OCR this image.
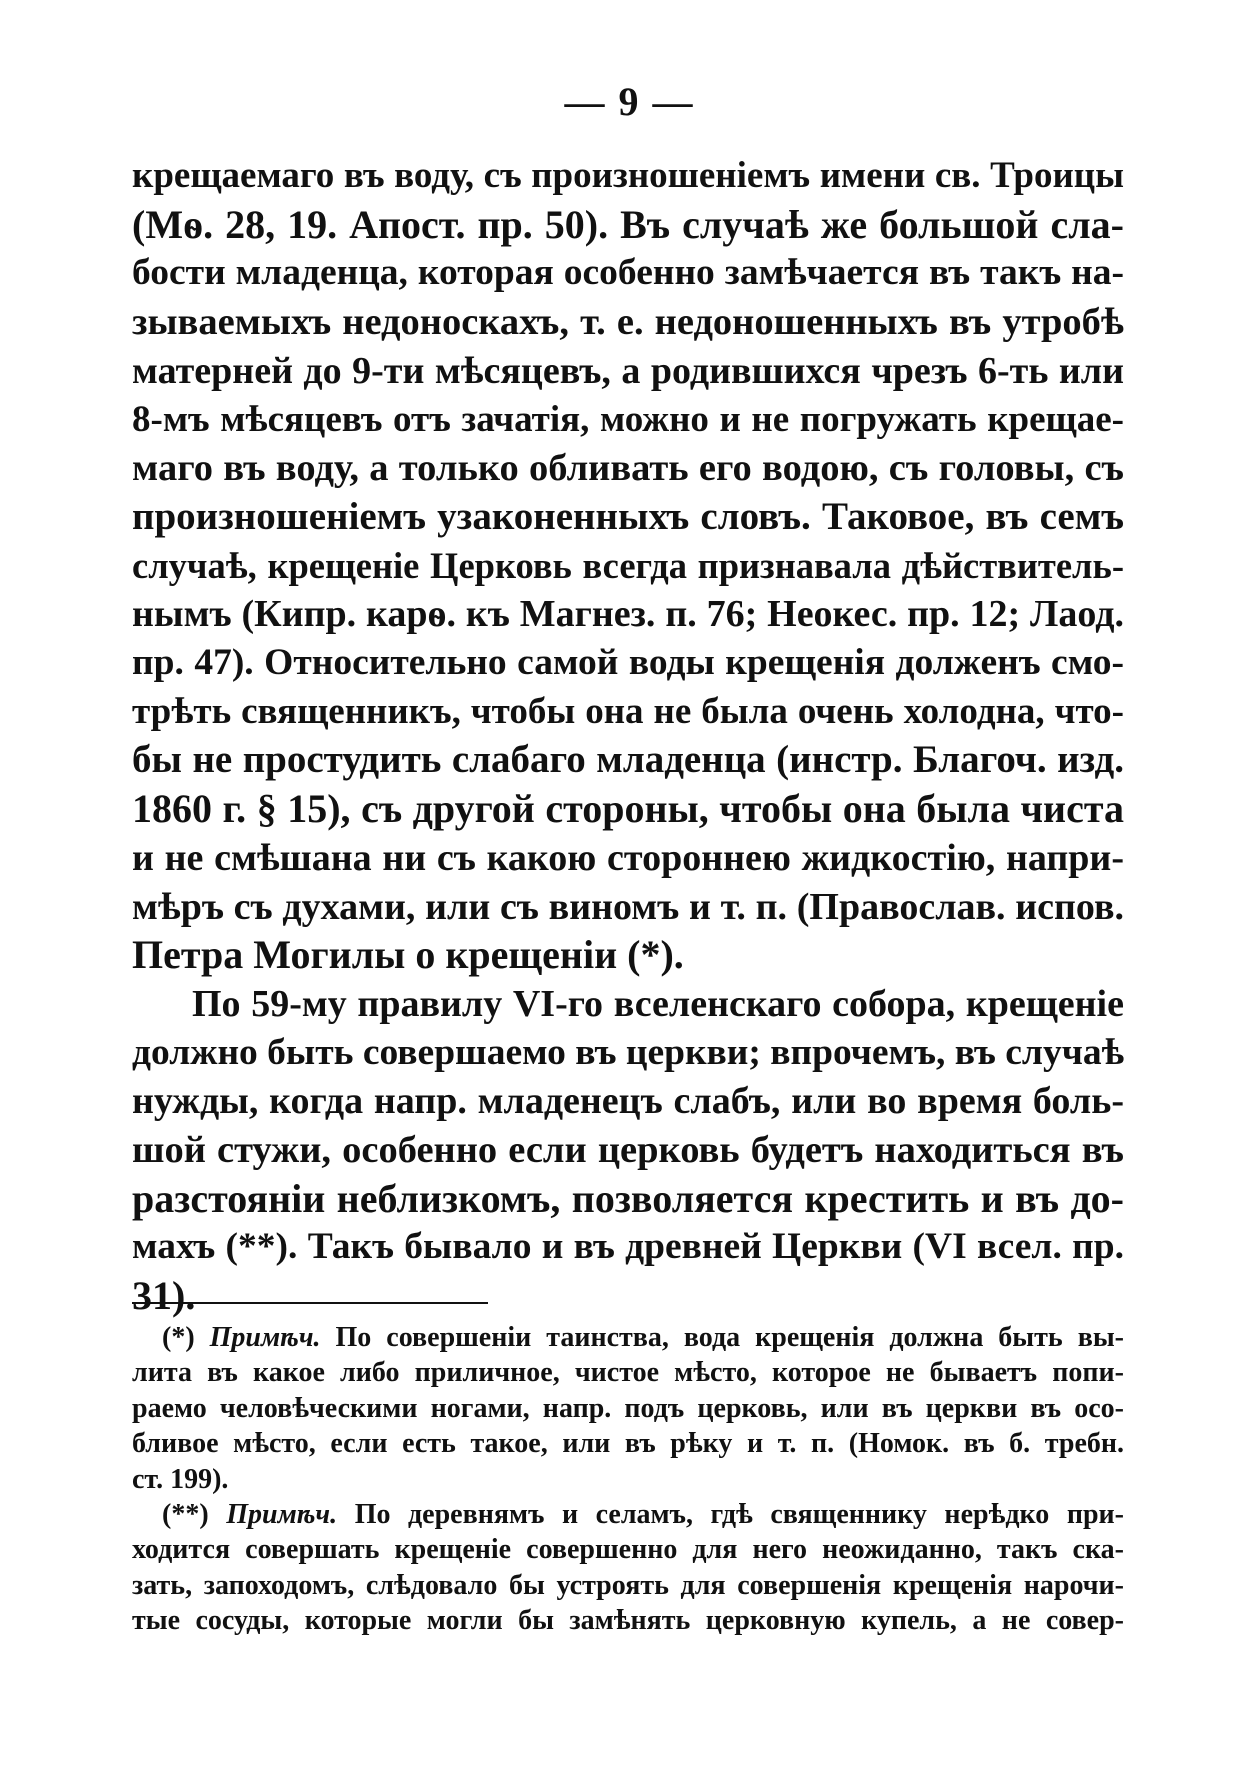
— 9 —
крещаемаго въ воду, съ произношенiемъ имени св. Троицы
(Мѳ. 28, 19. Апост. пр. 50). Въ случаѣ же большой сла-
бости младенца, которая особенно замѣчается въ такъ на-
зываемыхъ недоноскахъ, т. е. недоношенныхъ въ утробѣ
матерней до 9-ти мѣсяцевъ, а родившихся чрезъ 6-ть или
8-мъ мѣсяцевъ отъ зачатiя, можно и не погружать крещае-
маго въ воду, а только обливать его водою, съ головы, съ
произношенiемъ узаконенныхъ словъ. Таковое, въ семъ
случаѣ, крещенiе Церковь всегда признавала дѣйствитель-
нымъ (Кипр. карѳ. къ Магнез. п. 76; Неокес. пр. 12; Лаод.
пр. 47). Относительно самой воды крещенiя долженъ смо-
трѣть священникъ, чтобы она не была очень холодна, что-
бы не простудить слабаго младенца (инстр. Благоч. изд.
1860 г. § 15), съ другой стороны, чтобы она была чиста
и не смѣшана ни съ какою стороннею жидкостiю, напри-
мѣръ съ духами, или съ виномъ и т. п. (Православ. испов.
Петра Могилы о крещенiи (*).
По 59-му правилу VI-го вселенскаго собора, крещенiе
должно быть совершаемо въ церкви; впрочемъ, въ случаѣ
нужды, когда напр. младенецъ слабъ, или во время боль-
шой стужи, особенно если церковь будетъ находиться въ
разстоянiи неблизкомъ, позволяется крестить и въ до-
махъ (**). Такъ бывало и въ древней Церкви (VI всел. пр.
31).
(*) Примѣч. По совершенiи таинства, вода крещенiя должна быть вы-
лита въ какое либо приличное, чистое мѣсто, которое не бываетъ попи-
раемо человѣческими ногами, напр. подъ церковь, или въ церкви въ осо-
бливое мѣсто, если есть такое, или въ рѣку и т. п. (Номок. въ б. требн.
ст. 199).
(**) Примѣч. По деревнямъ и селамъ, гдѣ священнику нерѣдко при-
ходится совершать крещенiе совершенно для него неожиданно, такъ ска-
зать, запоходомъ, слѣдовало бы устроять для совершенiя крещенiя нарочи-
тые сосуды, которые могли бы замѣнять церковную купель, а не совер-
